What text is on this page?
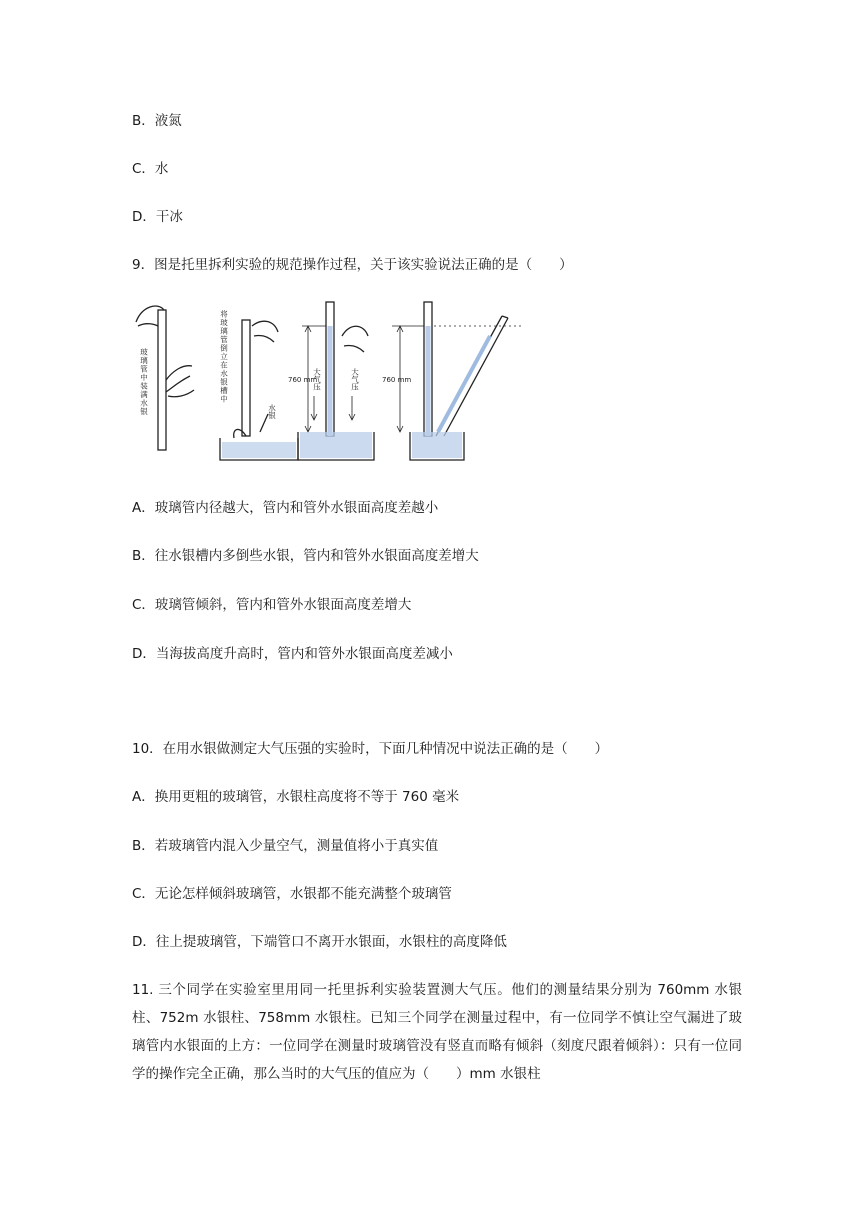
B．液氮
C．水
D．干冰
9．图是托里拆利实验的规范操作过程，关于该实验说法正确的是（　　）
玻璃管中装满水银	将玻璃管倒立在水银槽中
水银
760 mm
大气压	大气压	760 mm
A．玻璃管内径越大，管内和管外水银面高度差越小
B．往水银槽内多倒些水银，管内和管外水银面高度差增大
C．玻璃管倾斜，管内和管外水银面高度差增大
D．当海拔高度升高时，管内和管外水银面高度差减小
10．在用水银做测定大气压强的实验时，下面几种情况中说法正确的是（　　）
A．换用更粗的玻璃管，水银柱高度将不等于 760 毫米
B．若玻璃管内混入少量空气，测量值将小于真实值
C．无论怎样倾斜玻璃管，水银都不能充满整个玻璃管
D．往上提玻璃管，下端管口不离开水银面，水银柱的高度降低
11. 三个同学在实验室里用同一托里拆利实验装置测大气压。他们的测量结果分别为 760mm 水银柱、752m 水银柱、758mm 水银柱。已知三个同学在测量过程中，有一位同学不慎让空气漏进了玻璃管内水银面的上方：一位同学在测量时玻璃管没有竖直而略有倾斜（刻度尺跟着倾斜）：只有一位同学的操作完全正确，那么当时的大气压的值应为（　　）mm 水银柱
